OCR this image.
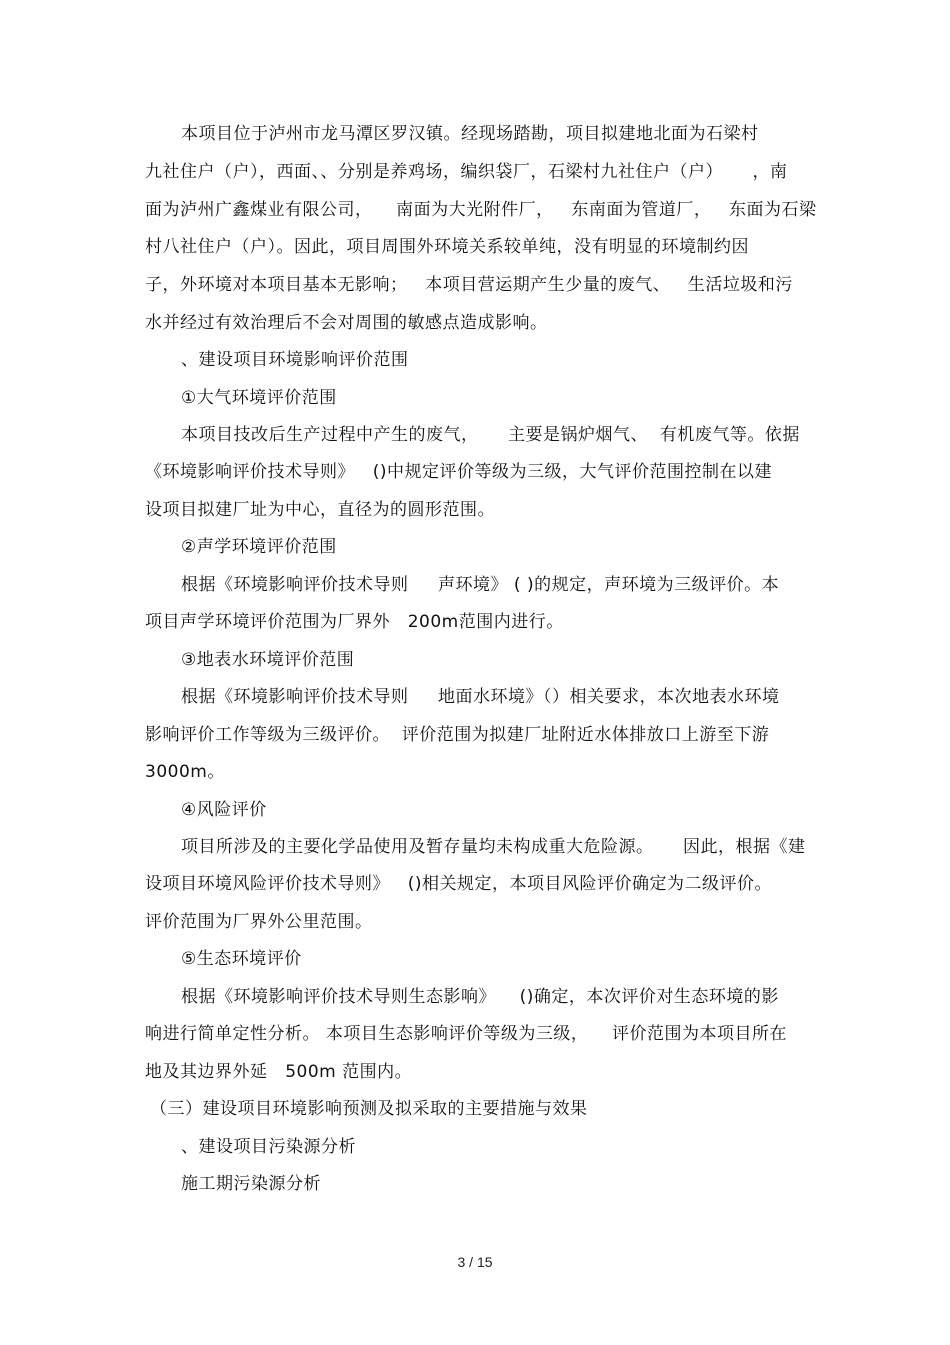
本项目位于泸州市龙马潭区罗汉镇。经现场踏勘，项目拟建地北面为石梁村
九社住户（户），西面、、分别是养鸡场，编织袋厂，石梁村九社住户（户）     ，南
面为泸州广鑫煤业有限公司，    南面为大光附件厂，   东南面为管道厂，   东面为石梁
村八社住户（户）。因此，项目周围外环境关系较单纯，没有明显的环境制约因
子，外环境对本项目基本无影响；   本项目营运期产生少量的废气、   生活垃圾和污
水并经过有效治理后不会对周围的敏感点造成影响。
、建设项目环境影响评价范围
①大气环境评价范围
本项目技改后生产过程中产生的废气，     主要是锅炉烟气、  有机废气等。依据
《环境影响评价技术导则》   ()中规定评价等级为三级，大气评价范围控制在以建
设项目拟建厂址为中心，直径为的圆形范围。
②声学环境评价范围
根据《环境影响评价技术导则     声环境》 ( )的规定，声环境为三级评价。本
项目声学环境评价范围为厂界外   200m范围内进行。
③地表水环境评价范围
根据《环境影响评价技术导则     地面水环境》（）相关要求，本次地表水环境
影响评价工作等级为三级评价。  评价范围为拟建厂址附近水体排放口上游至下游
3000m。
④风险评价
项目所涉及的主要化学品使用及暂存量均未构成重大危险源。     因此，根据《建
设项目环境风险评价技术导则》   ()相关规定，本项目风险评价确定为二级评价。
评价范围为厂界外公里范围。
⑤生态环境评价
根据《环境影响评价技术导则生态影响》    ()确定，本次评价对生态环境的影
响进行简单定性分析。 本项目生态影响评价等级为三级，    评价范围为本项目所在
地及其边界外延   500m 范围内。
（三）建设项目环境影响预测及拟采取的主要措施与效果
、建设项目污染源分析
施工期污染源分析
3 / 15
